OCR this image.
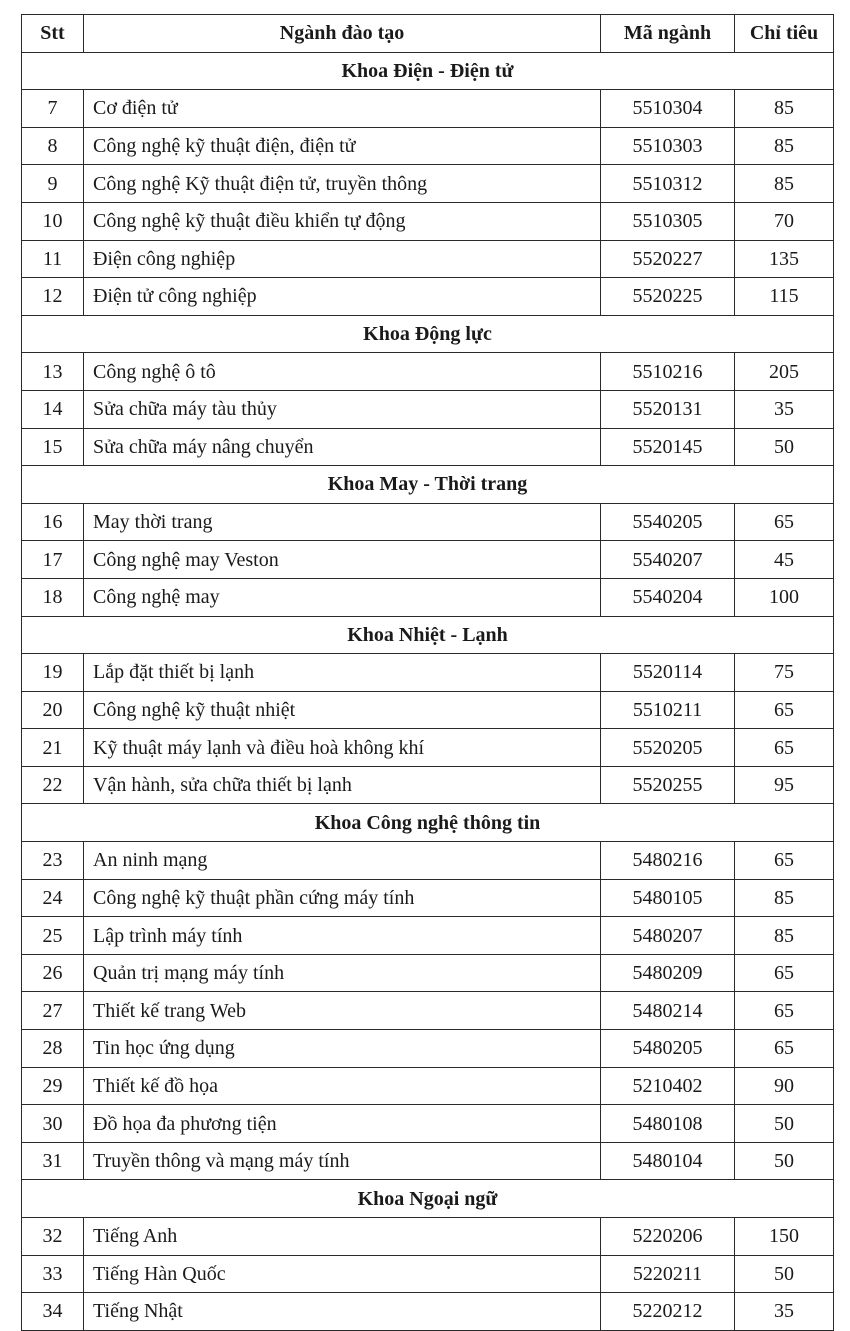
Stt	Ngành đào tạo	Mã ngành	Chỉ tiêu
Khoa Điện - Điện tử			
7	Cơ điện tử	5510304	85
8	Công nghệ kỹ thuật điện, điện tử	5510303	85
9	Công nghệ Kỹ thuật điện tử, truyền thông	5510312	85
10	Công nghệ kỹ thuật điều khiển tự động	5510305	70
11	Điện công nghiệp	5520227	135
12	Điện tử công nghiệp	5520225	115
Khoa Động lực			
13	Công nghệ ô tô	5510216	205
14	Sửa chữa máy tàu thủy	5520131	35
15	Sửa chữa máy nâng chuyển	5520145	50
Khoa May - Thời trang			
16	May thời trang	5540205	65
17	Công nghệ may Veston	5540207	45
18	Công nghệ may	5540204	100
Khoa Nhiệt - Lạnh			
19	Lắp đặt thiết bị lạnh	5520114	75
20	Công nghệ kỹ thuật nhiệt	5510211	65
21	Kỹ thuật máy lạnh và điều hoà không khí	5520205	65
22	Vận hành, sửa chữa thiết bị lạnh	5520255	95
Khoa Công nghệ thông tin			
23	An ninh mạng	5480216	65
24	Công nghệ kỹ thuật phần cứng máy tính	5480105	85
25	Lập trình máy tính	5480207	85
26	Quản trị mạng máy tính	5480209	65
27	Thiết kế trang Web	5480214	65
28	Tin học ứng dụng	5480205	65
29	Thiết kế đồ họa	5210402	90
30	Đồ họa đa phương tiện	5480108	50
31	Truyền thông và mạng máy tính	5480104	50
Khoa Ngoại ngữ			
32	Tiếng Anh	5220206	150
33	Tiếng Hàn Quốc	5220211	50
34	Tiếng Nhật	5220212	35
